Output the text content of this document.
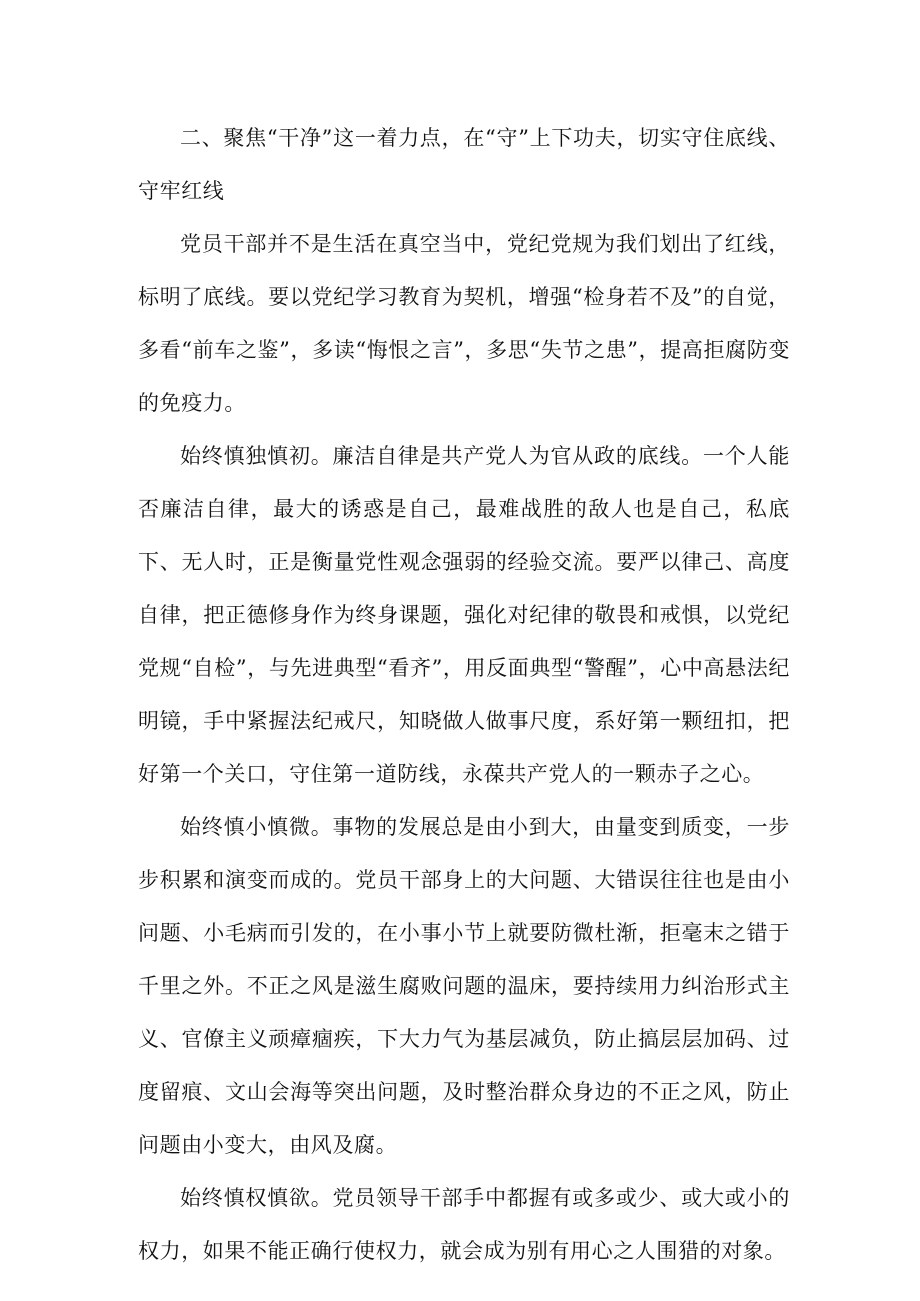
二、聚焦“干净”这一着力点，在“守”上下功夫，切实守住底线、守牢红线

党员干部并不是生活在真空当中，党纪党规为我们划出了红线，标明了底线。要以党纪学习教育为契机，增强“检身若不及”的自觉，多看“前车之鉴”，多读“悔恨之言”，多思“失节之患”，提高拒腐防变的免疫力。

始终慎独慎初。廉洁自律是共产党人为官从政的底线。一个人能否廉洁自律，最大的诱惑是自己，最难战胜的敌人也是自己，私底下、无人时，正是衡量党性观念强弱的经验交流。要严以律己、高度自律，把正德修身作为终身课题，强化对纪律的敬畏和戒惧，以党纪党规“自检”，与先进典型“看齐”，用反面典型“警醒”，心中高悬法纪明镜，手中紧握法纪戒尺，知晓做人做事尺度，系好第一颗纽扣，把好第一个关口，守住第一道防线，永葆共产党人的一颗赤子之心。

始终慎小慎微。事物的发展总是由小到大，由量变到质变，一步步积累和演变而成的。党员干部身上的大问题、大错误往往也是由小问题、小毛病而引发的，在小事小节上就要防微杜渐，拒毫末之错于千里之外。不正之风是滋生腐败问题的温床，要持续用力纠治形式主义、官僚主义顽瘴痼疾，下大力气为基层减负，防止搞层层加码、过度留痕、文山会海等突出问题，及时整治群众身边的不正之风，防止问题由小变大，由风及腐。

始终慎权慎欲。党员领导干部手中都握有或多或少、或大或小的权力，如果不能正确行使权力，就会成为别有用心之人围猎的对象。
